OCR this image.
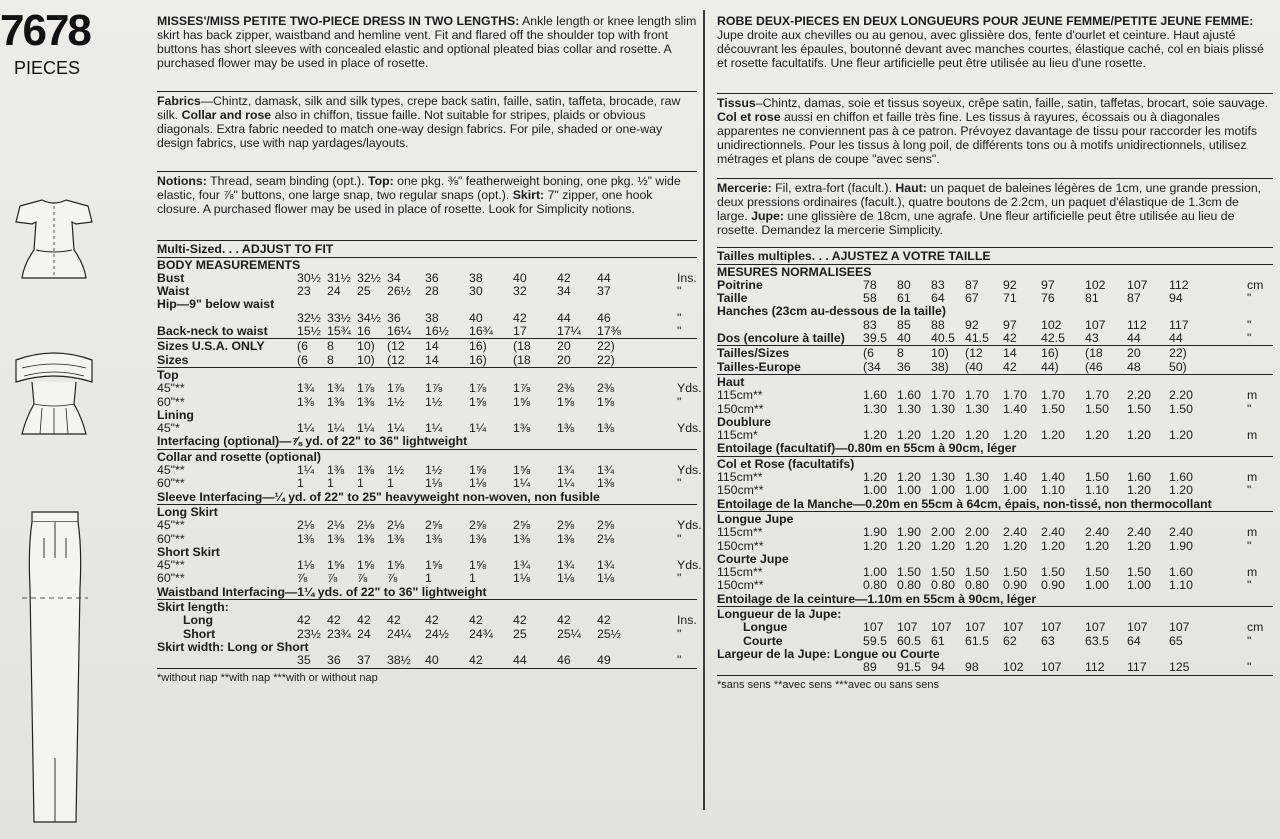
7678
PIECES
MISSES'/MISS PETITE TWO-PIECE DRESS IN TWO LENGTHS: Ankle length or knee length slim skirt has back zipper, waistband and hemline vent. Fit and flared off the shoulder top with front buttons has short sleeves with concealed elastic and optional pleated bias collar and rosette. A purchased flower may be used in place of rosette.
Fabrics—Chintz, damask, silk and silk types, crepe back satin, faille, satin, taffeta, brocade, raw silk. Collar and rose also in chiffon, tissue faille. Not suitable for stripes, plaids or obvious diagonals. Extra fabric needed to match one-way design fabrics. For pile, shaded or one-way design fabrics, use with nap yardages/layouts.
Notions: Thread, seam binding (opt.). Top: one pkg. ⅜" featherweight boning, one pkg. ½" wide elastic, four ⅞" buttons, one large snap, two regular snaps (opt.). Skirt: 7" zipper, one hook closure. A purchased flower may be used in place of rosette. Look for Simplicity notions.
Multi-Sized. . . ADJUST TO FIT
BODY MEASUREMENTS
Bust	30½ 31½ 32½ 34 36 38 40 42 44	Ins.
Waist	23 24 25 26½ 28 30 32 34 37	"
Hip—9" below waist
32½ 33½ 34½ 36 38 40 42 44 46	"
Back-neck to waist 15½ 15¾ 16 16¼ 16½ 16¾ 17 17¼ 17⅜	"
Sizes U.S.A. ONLY	(6 8 10) (12 14 16) (18 20 22)
Sizes	(6 8 10) (12 14 16) (18 20 22)
Top
45"**	1¾ 1¾ 1⅞ 1⅞ 1⅞ 1⅞ 1⅞ 2⅜ 2⅜	Yds.
60"**	1⅜ 1⅜ 1⅜ 1½ 1½ 1⅝ 1⅝ 1⅝ 1⅝	"
Lining
45"*	1¼ 1¼ 1¼ 1¼ 1¼ 1¼ 1⅜ 1⅜ 1⅜	Yds.
Interfacing (optional)—⅞ yd. of 22" to 36" lightweight
Collar and rosette (optional)
45"**	1¼ 1⅜ 1⅜ 1½ 1½ 1⅝ 1⅝ 1¾ 1¾	Yds.
60"**	1 1 1 1	1⅛ 1⅛ 1¼ 1¼ 1⅜	"
Sleeve Interfacing—¼ yd. of 22" to 25" heavyweight non-woven, non fusible
Long Skirt
45"**	2⅛ 2⅛ 2⅛ 2⅛ 2⅝ 2⅝ 2⅝ 2⅝ 2⅝	Yds.
60"**	1⅜ 1⅜ 1⅜ 1⅜ 1⅜ 1⅜ 1⅜ 1⅜ 2⅛	"
Short Skirt
45"**	1⅛ 1⅝ 1⅝ 1⅝ 1⅝ 1⅝ 1¾ 1¾ 1¾	Yds.
60"**	⅞ ⅞ ⅞ ⅞ 1	1	1⅛ 1⅛ 1⅛	"
Waistband Interfacing—1¼ yds. of 22" to 36" lightweight
Skirt length:
Long	42 42 42 42 42 42 42 42 42	Ins.
Short	23½ 23¾ 24 24¼ 24½ 24¾ 25 25¼ 25½	"
Skirt width: Long or Short
35 36 37 38½ 40 42 44 46 49	"
*without nap **with nap ***with or without nap
ROBE DEUX-PIECES EN DEUX LONGUEURS POUR JEUNE FEMME/PETITE JEUNE FEMME: Jupe droite aux chevilles ou au genou, avec glissière dos, fente d'ourlet et ceinture. Haut ajusté découvrant les épaules, boutonné devant avec manches courtes, élastique caché, col en biais plissé et rosette facultatifs. Une fleur artificielle peut être utilisée au lieu d'une rosette.
Tissus–Chintz, damas, soie et tissus soyeux, crêpe satin, faille, satin, taffetas, brocart, soie sauvage. Col et rose aussi en chiffon et faille très fine. Les tissus à rayures, écossais ou à diagonales apparentes ne conviennent pas à ce patron. Prévoyez davantage de tissu pour raccorder les motifs unidirectionnels. Pour les tissus à long poil, de différents tons ou à motifs unidirectionnels, utilisez métrages et plans de coupe "avec sens".
Mercerie: Fil, extra-fort (facult.). Haut: un paquet de baleines légères de 1cm, une grande pression, deux pressions ordinaires (facult.), quatre boutons de 2.2cm, un paquet d'élastique de 1.3cm de large. Jupe: une glissière de 18cm, une agrafe. Une fleur artificielle peut être utilisée au lieu de rosette. Demandez la mercerie Simplicity.
Tailles multiples. . . AJUSTEZ A VOTRE TAILLE
MESURES NORMALISEES
Poitrine	78 80 83 87 92 97 102 107 112	cm
Taille	58 61 64 67 71 76 81 87 94	"
Hanches (23cm au-dessous de la taille)
83 85 88 92 97 102 107 112 117	"
Dos (encolure à taille) 39.5 40 40.5 41.5 42 42.5 43 44 44	"
Tailles/Sizes	(6 8 10) (12 14 16) (18 20 22)
Tailles-Europe	(34 36 38) (40 42 44) (46 48 50)
Haut
115cm**	1.60 1.60 1.70 1.70 1.70 1.70 1.70 2.20 2.20	m
150cm**	1.30 1.30 1.30 1.30 1.40 1.50 1.50 1.50 1.50	"
Doublure
115cm*	1.20 1.20 1.20 1.20 1.20 1.20 1.20 1.20 1.20	m
Entoilage (facultatif)—0.80m en 55cm à 90cm, léger
Col et Rose (facultatifs)
115cm**	1.20 1.20 1.30 1.30 1.40 1.40 1.50 1.60 1.60	m
150cm**	1.00 1.00 1.00 1.00 1.00 1.10 1.10 1.20 1.20	"
Entoilage de la Manche—0.20m en 55cm à 64cm, épais, non-tissé, non thermocollant
Longue Jupe
115cm**	1.90 1.90 2.00 2.00 2.40 2.40 2.40 2.40 2.40	m
150cm**	1.20 1.20 1.20 1.20 1.20 1.20 1.20 1.20 1.90	"
Courte Jupe
115cm**	1.00 1.50 1.50 1.50 1.50 1.50 1.50 1.50 1.60	m
150cm**	0.80 0.80 0.80 0.80 0.90 0.90 1.00 1.00 1.10	"
Entoilage de la ceinture—1.10m en 55cm à 90cm, léger
Longueur de la Jupe:
Longue	107 107 107 107 107 107 107 107 107	cm
Courte	59.5 60.5 61 61.5 62 63 63.5 64 65	"
Largeur de la Jupe: Longue ou Courte
89 91.5 94 98 102 107 112 117 125	"
*sans sens **avec sens ***avec ou sans sens
